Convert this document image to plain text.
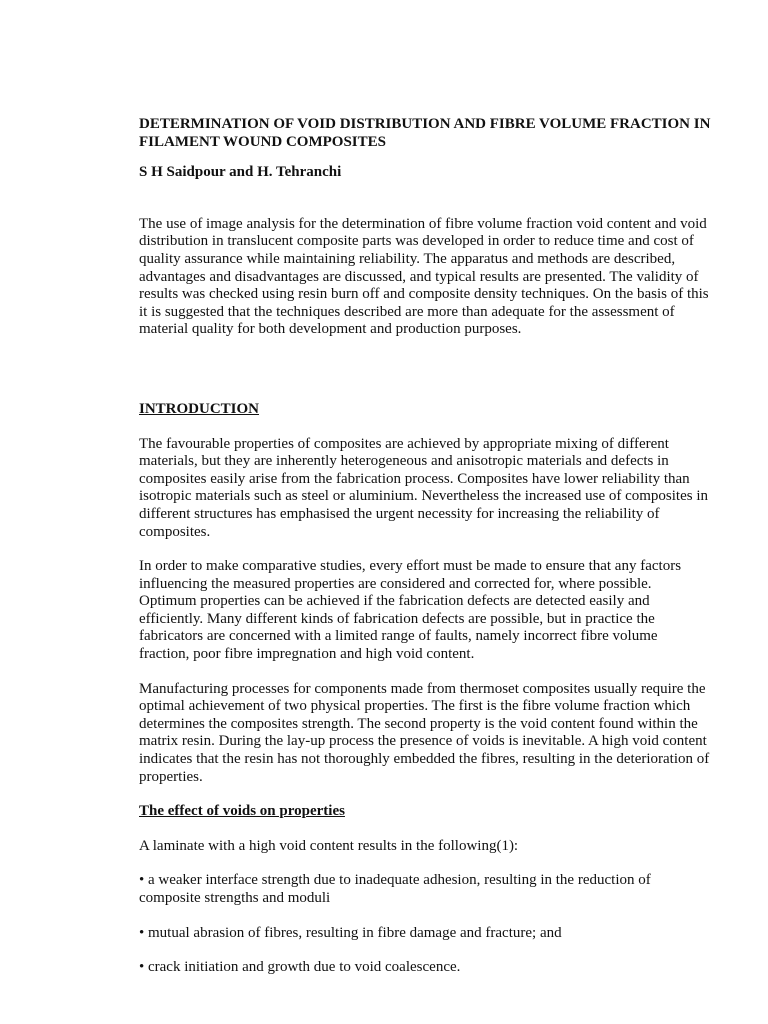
DETERMINATION OF VOID DISTRIBUTION AND FIBRE VOLUME FRACTION IN FILAMENT WOUND COMPOSITES

S H Saidpour and H. Tehranchi

The use of image analysis for the determination of fibre volume fraction void content and void distribution in translucent composite parts was developed in order to reduce time and cost of quality assurance while maintaining reliability. The apparatus and methods are described, advantages and disadvantages are discussed, and typical results are presented. The validity of results was checked using resin burn off and composite density techniques. On the basis of this it is suggested that the techniques described are more than adequate for the assessment of material quality for both development and production purposes.

INTRODUCTION

The favourable properties of composites are achieved by appropriate mixing of different materials, but they are inherently heterogeneous and anisotropic materials and defects in composites easily arise from the fabrication process. Composites have lower reliability than isotropic materials such as steel or aluminium. Nevertheless the increased use of composites in different structures has emphasised the urgent necessity for increasing the reliability of composites.

In order to make comparative studies, every effort must be made to ensure that any factors influencing the measured properties are considered and corrected for, where possible. Optimum properties can be achieved if the fabrication defects are detected easily and efficiently. Many different kinds of fabrication defects are possible, but in practice the fabricators are concerned with a limited range of faults, namely incorrect fibre volume fraction, poor fibre impregnation and high void content.

Manufacturing processes for components made from thermoset composites usually require the optimal achievement of two physical properties. The first is the fibre volume fraction which determines the composites strength. The second property is the void content found within the matrix resin. During the lay-up process the presence of voids is inevitable. A high void content indicates that the resin has not thoroughly embedded the fibres, resulting in the deterioration of properties.

The effect of voids on properties

A laminate with a high void content results in the following(1):

• a weaker interface strength due to inadequate adhesion, resulting in the reduction of composite strengths and moduli

• mutual abrasion of fibres, resulting in fibre damage and fracture; and

• crack initiation and growth due to void coalescence.
